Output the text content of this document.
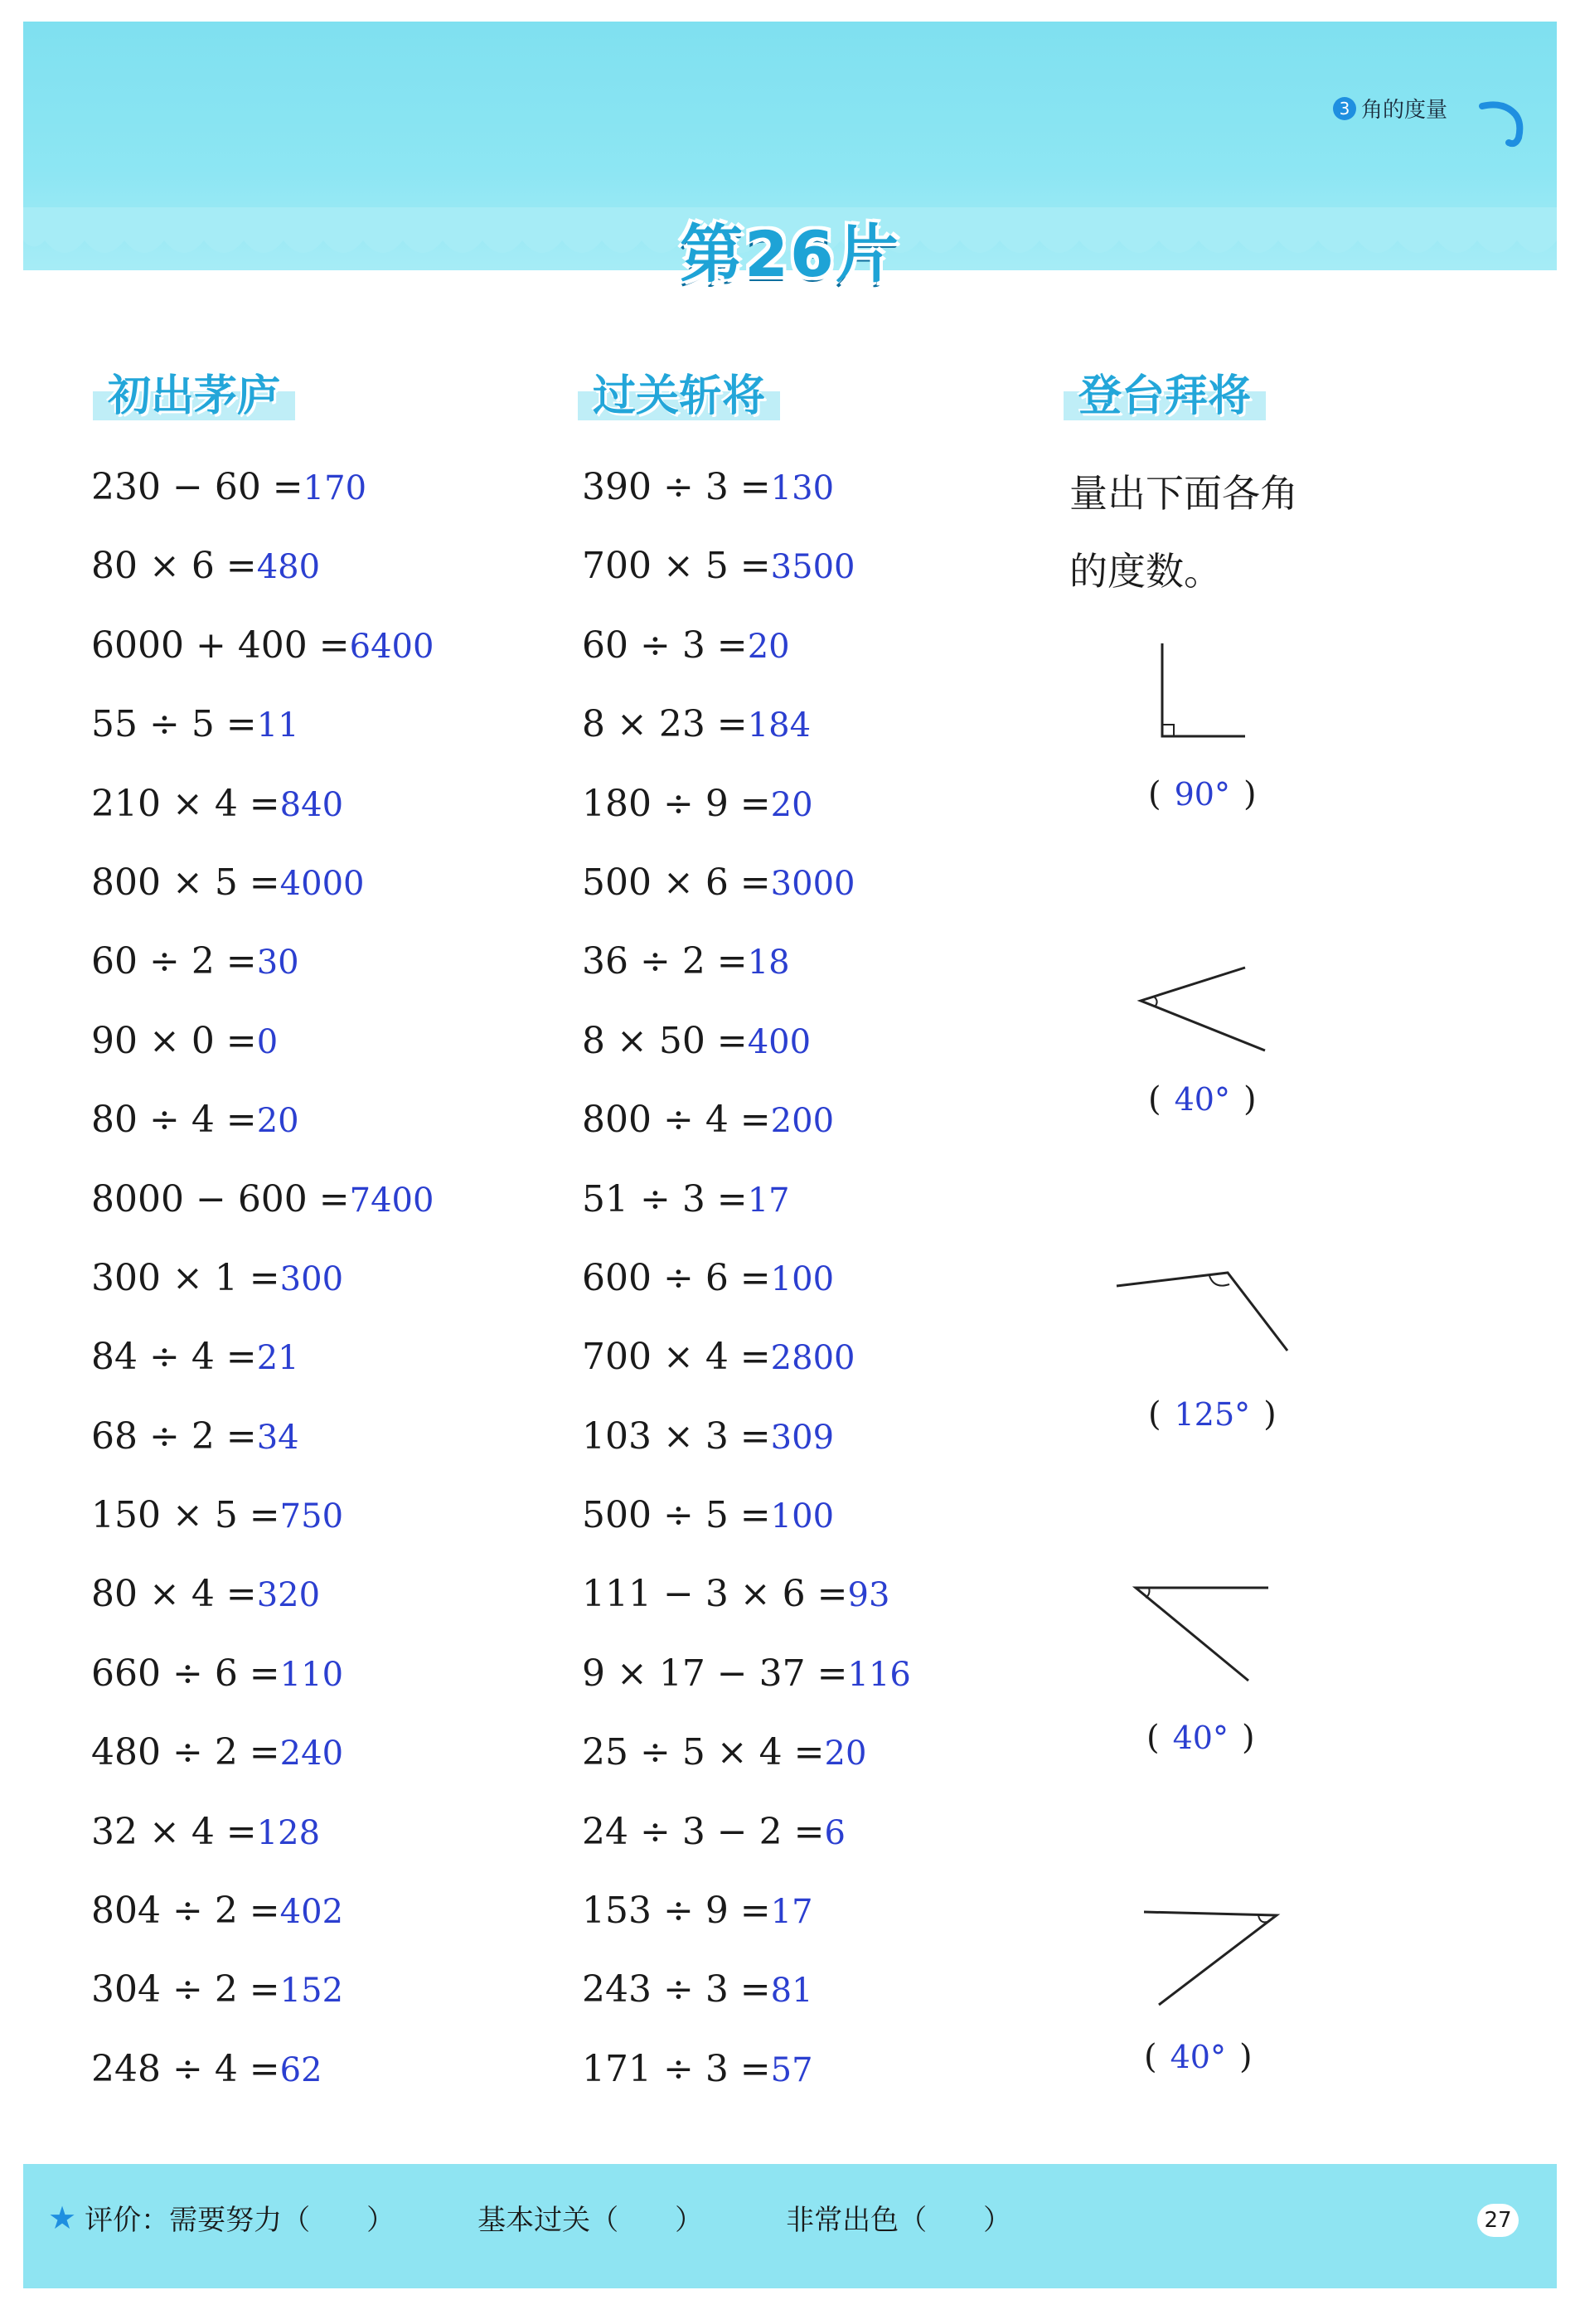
3 角的度量
第26片
初出茅庐	过关斩将	登台拜将
230 − 60 =170
80 × 6 =480
6000 + 400 =6400
55 ÷ 5 =11
210 × 4 =840
800 × 5 =4000
60 ÷ 2 =30
90 × 0 =0
80 ÷ 4 =20
8000 − 600 =7400
300 × 1 =300
84 ÷ 4 =21
68 ÷ 2 =34
150 × 5 =750
80 × 4 =320
660 ÷ 6 =110
480 ÷ 2 =240
32 × 4 =128
804 ÷ 2 =402
304 ÷ 2 =152
248 ÷ 4 =62
390 ÷ 3 =130
700 × 5 =3500
60 ÷ 3 =20
8 × 23 =184
180 ÷ 9 =20
500 × 6 =3000
36 ÷ 2 =18
8 × 50 =400
800 ÷ 4 =200
51 ÷ 3 =17
600 ÷ 6 =100
700 × 4 =2800
103 × 3 =309
500 ÷ 5 =100
111 − 3 × 6 =93
9 × 17 − 37 =116
25 ÷ 5 × 4 =20
24 ÷ 3 − 2 =6
153 ÷ 9 =17
243 ÷ 3 =81
171 ÷ 3 =57
量出下面各角
的度数。
( 90° )
( 40° )
( 125° )
( 40° )
( 40° )
★ 评价：需要努力（　　）	基本过关（　　）	非常出色（　　）	27
